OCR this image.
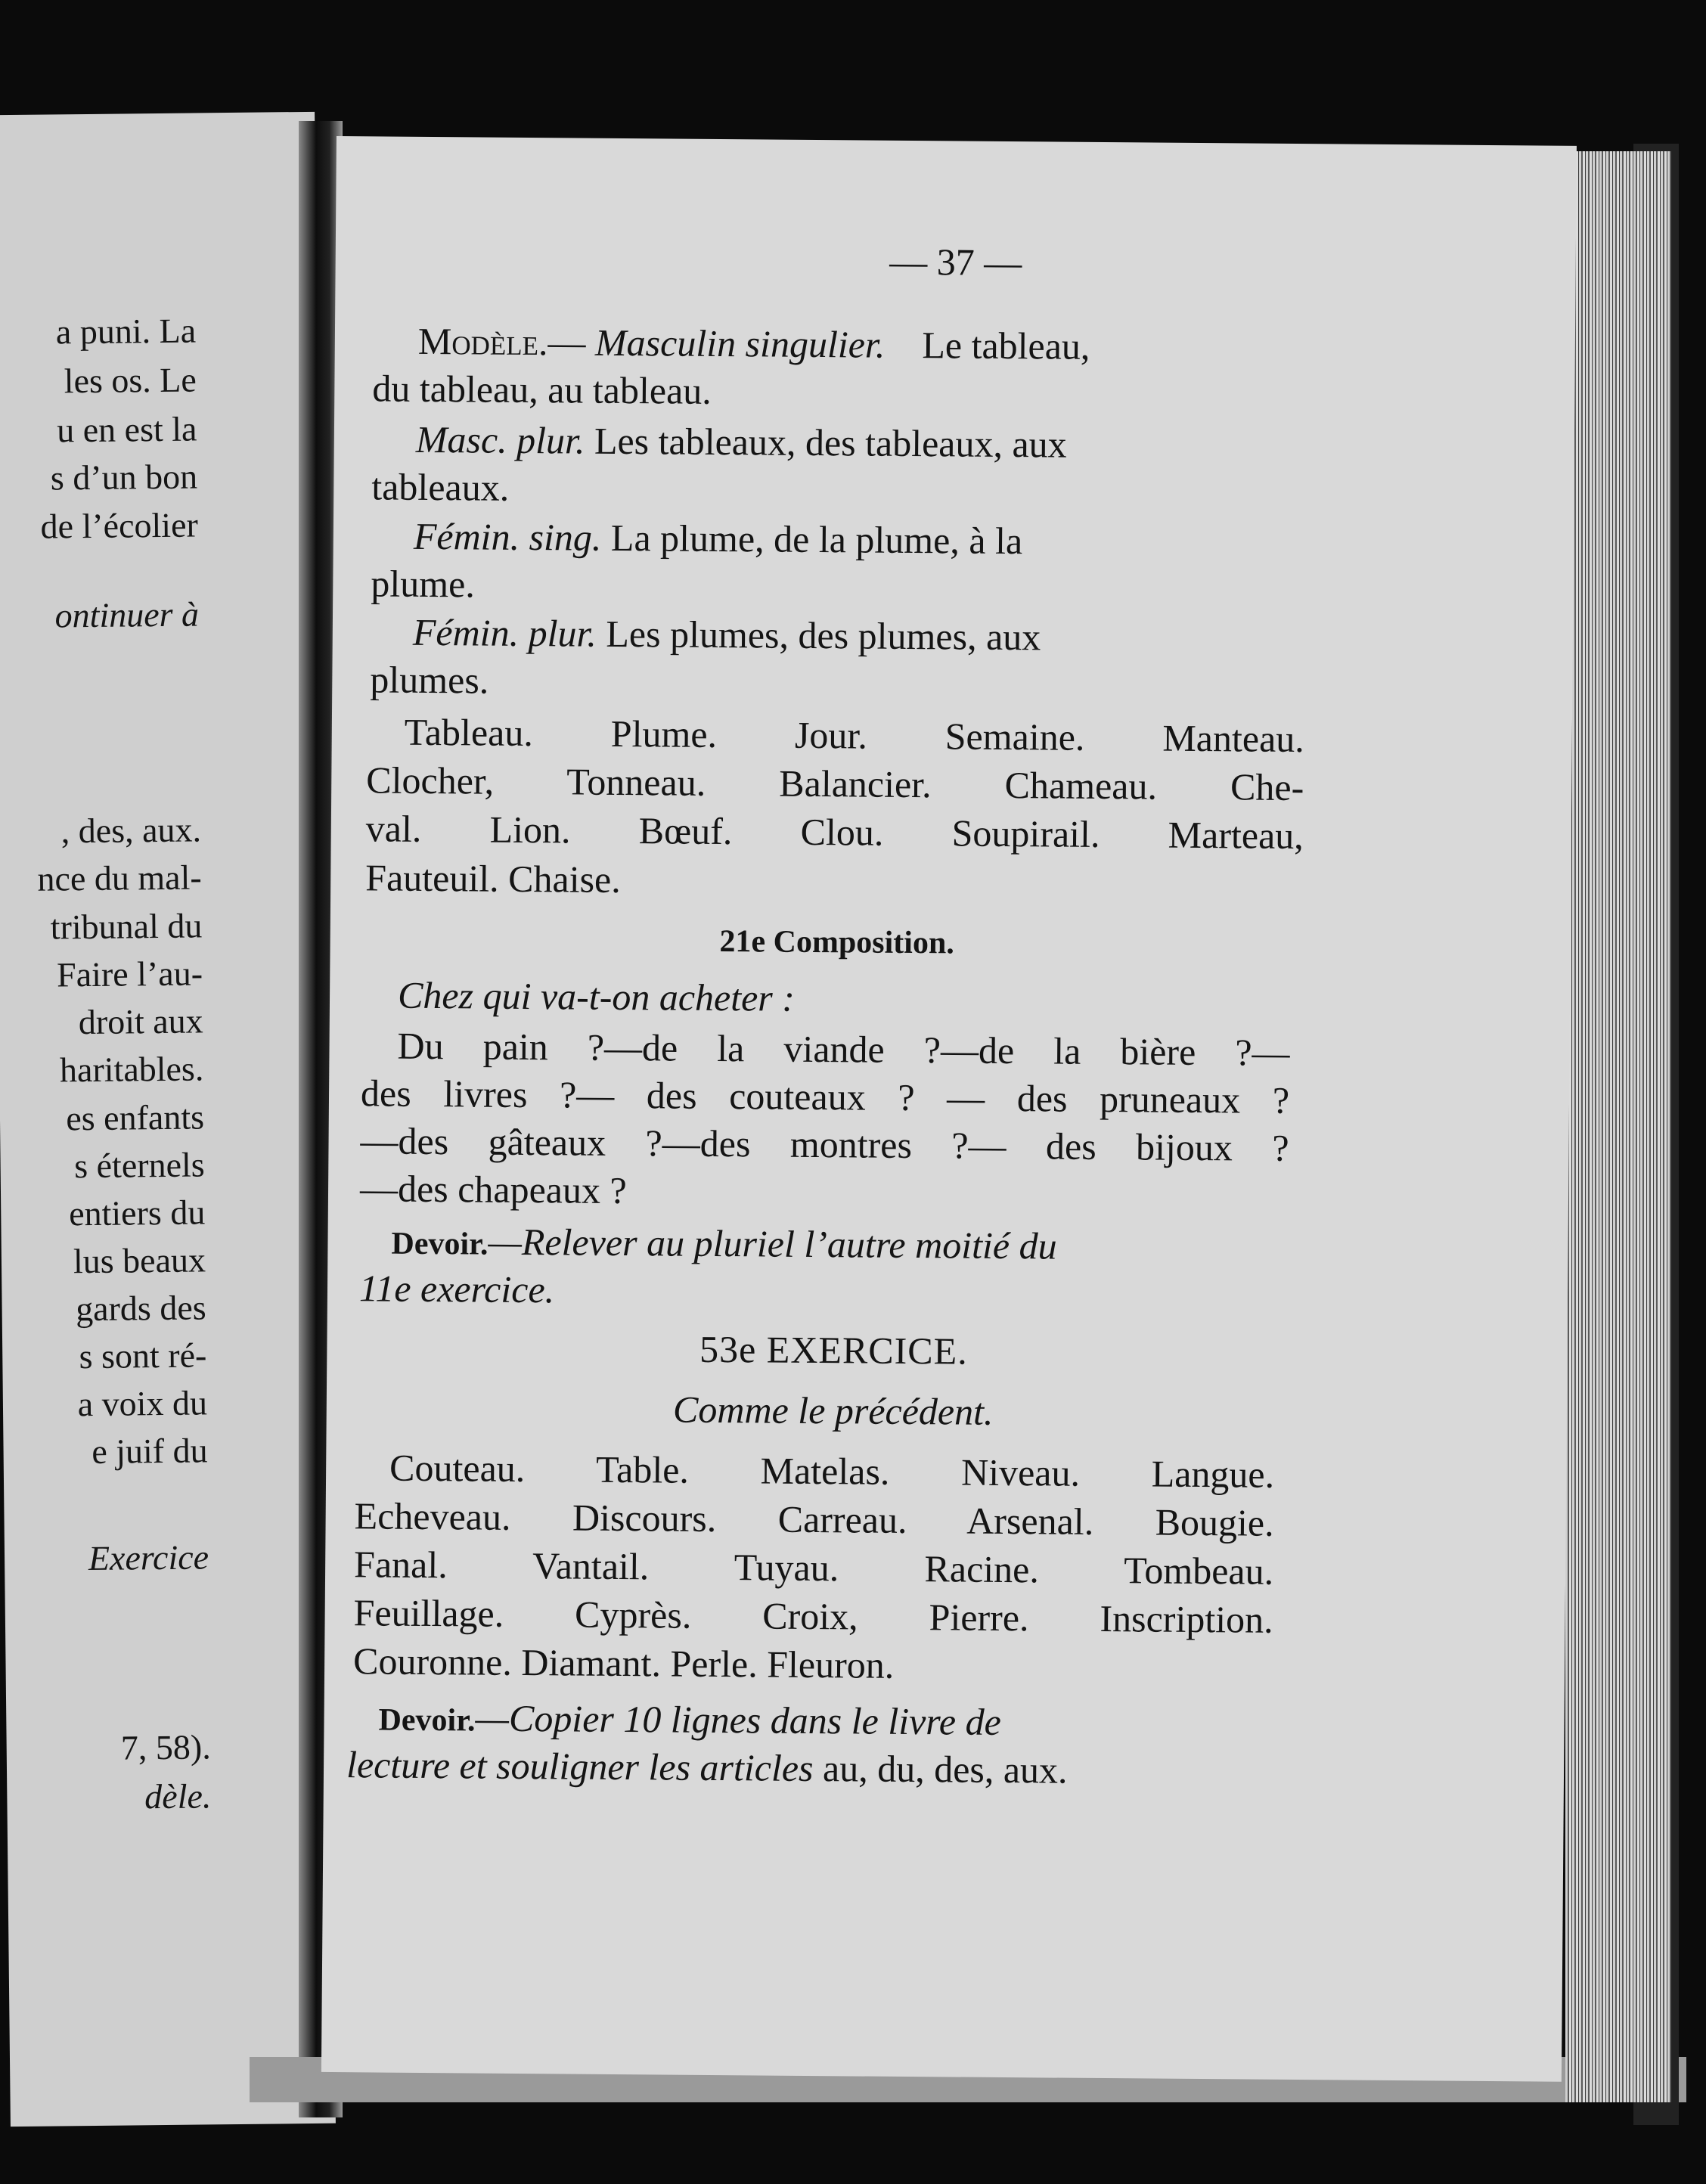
a puni. La
les os. Le
u en est la
s d’un bon
de l’écolier
ontinuer à
, des, aux.
nce du mal-
tribunal du
Faire l’au-
droit aux
haritables.
es enfants
s éternels
entiers du
lus beaux
gards des
s sont ré-
a voix du
e juif du
Exercice
7, 58).
dèle.
— 37 —
Modèle.— Masculin singulier. Le tableau,
du tableau, au tableau.
Masc. plur. Les tableaux, des tableaux, aux
tableaux.
Fémin. sing. La plume, de la plume, à la
plume.
Fémin. plur. Les plumes, des plumes, aux
plumes.
Tableau. Plume. Jour. Semaine. Manteau.
Clocher, Tonneau. Balancier. Chameau. Che-
val. Lion. Bœuf. Clou. Soupirail. Marteau,
Fauteuil. Chaise.
21e Composition.
Chez qui va-t-on acheter :
Du pain ?—de la viande ?—de la bière ?—
des livres ?— des couteaux ? — des pruneaux ?
—des gâteaux ?—des montres ?— des bijoux ?
—des chapeaux ?
Devoir.—Relever au pluriel l’autre moitié du
11e exercice.
53e EXERCICE.
Comme le précédent.
Couteau. Table. Matelas. Niveau. Langue.
Echeveau. Discours. Carreau. Arsenal. Bougie.
Fanal. Vantail. Tuyau. Racine. Tombeau.
Feuillage. Cyprès. Croix, Pierre. Inscription.
Couronne. Diamant. Perle. Fleuron.
Devoir.—Copier 10 lignes dans le livre de
lecture et souligner les articles au, du, des, aux.
